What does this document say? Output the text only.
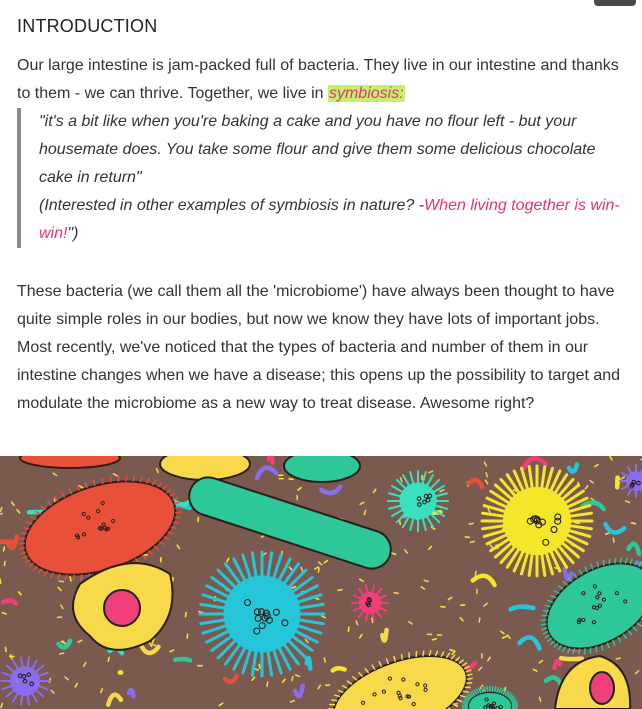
INTRODUCTION

Our large intestine is jam-packed full of bacteria. They live in our intestine and thanks to them - we can thrive. Together, we live in symbiosis:

"it's a bit like when you're baking a cake and you have no flour left - but your housemate does. You take some flour and give them some delicious chocolate cake in return"
(Interested in other examples of symbiosis in nature? -When living together is win-win!")

These bacteria (we call them all the 'microbiome') have always been thought to have quite simple roles in our bodies, but now we know they have lots of important jobs. Most recently, we've noticed that the types of bacteria and number of them in our intestine changes when we have a disease; this opens up the possibility to target and modulate the microbiome as a new way to treat disease. Awesome right?
